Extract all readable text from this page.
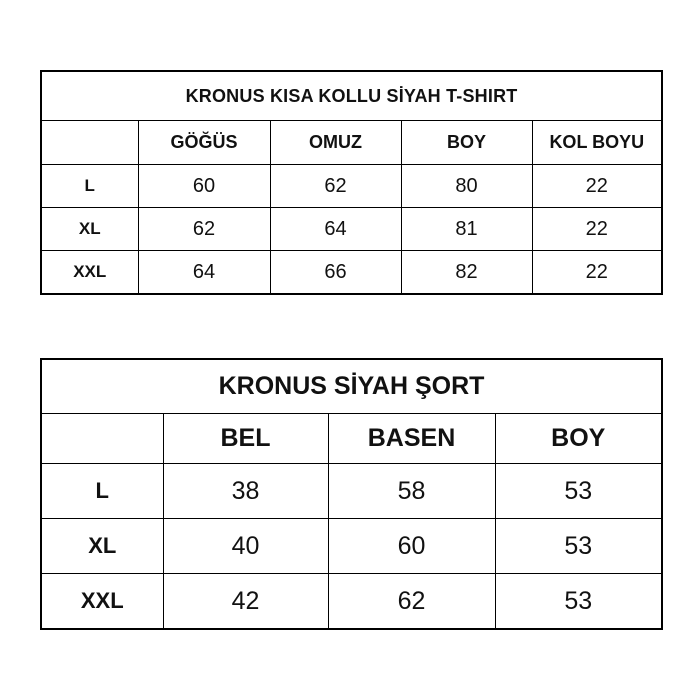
KRONUS KISA KOLLU SİYAH T-SHIRT				
	GÖĞÜS	OMUZ	BOY	KOL BOYU
L	60	62	80	22
XL	62	64	81	22
XXL	64	66	82	22
KRONUS SİYAH ŞORT			
	BEL	BASEN	BOY
L	38	58	53
XL	40	60	53
XXL	42	62	53
